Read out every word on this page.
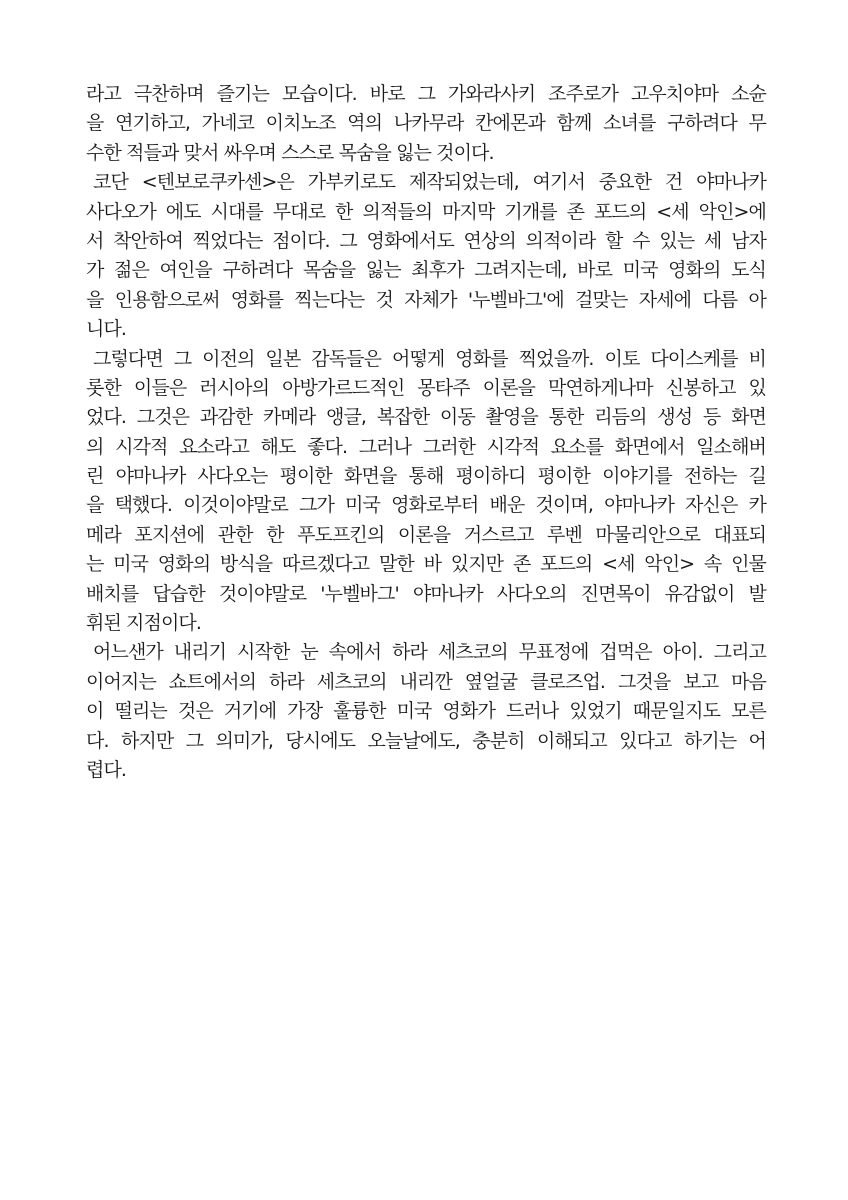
라고 극찬하며 즐기는 모습이다. 바로 그 가와라사키 조주로가 고우치야마 소슌
을 연기하고, 가네코 이치노조 역의 나카무라 칸에몬과 함께 소녀를 구하려다 무
수한 적들과 맞서 싸우며 스스로 목숨을 잃는 것이다.
코단 <텐보로쿠카센>은 가부키로도 제작되었는데, 여기서 중요한 건 야마나카
사다오가 에도 시대를 무대로 한 의적들의 마지막 기개를 존 포드의 <세 악인>에
서 착안하여 찍었다는 점이다. 그 영화에서도 연상의 의적이라 할 수 있는 세 남자
가 젊은 여인을 구하려다 목숨을 잃는 최후가 그려지는데, 바로 미국 영화의 도식
을 인용함으로써 영화를 찍는다는 것 자체가 '누벨바그'에 걸맞는 자세에 다름 아
니다.
그렇다면 그 이전의 일본 감독들은 어떻게 영화를 찍었을까. 이토 다이스케를 비
롯한 이들은 러시아의 아방가르드적인 몽타주 이론을 막연하게나마 신봉하고 있
었다. 그것은 과감한 카메라 앵글, 복잡한 이동 촬영을 통한 리듬의 생성 등 화면
의 시각적 요소라고 해도 좋다. 그러나 그러한 시각적 요소를 화면에서 일소해버
린 야마나카 사다오는 평이한 화면을 통해 평이하디 평이한 이야기를 전하는 길
을 택했다. 이것이야말로 그가 미국 영화로부터 배운 것이며, 야마나카 자신은 카
메라 포지션에 관한 한 푸도프킨의 이론을 거스르고 루벤 마물리안으로 대표되
는 미국 영화의 방식을 따르겠다고 말한 바 있지만 존 포드의 <세 악인> 속 인물
배치를 답습한 것이야말로 '누벨바그' 야마나카 사다오의 진면목이 유감없이 발
휘된 지점이다.
어느샌가 내리기 시작한 눈 속에서 하라 세츠코의 무표정에 겁먹은 아이. 그리고
이어지는 쇼트에서의 하라 세츠코의 내리깐 옆얼굴 클로즈업. 그것을 보고 마음
이 떨리는 것은 거기에 가장 훌륭한 미국 영화가 드러나 있었기 때문일지도 모른
다. 하지만 그 의미가, 당시에도 오늘날에도, 충분히 이해되고 있다고 하기는 어
렵다.
